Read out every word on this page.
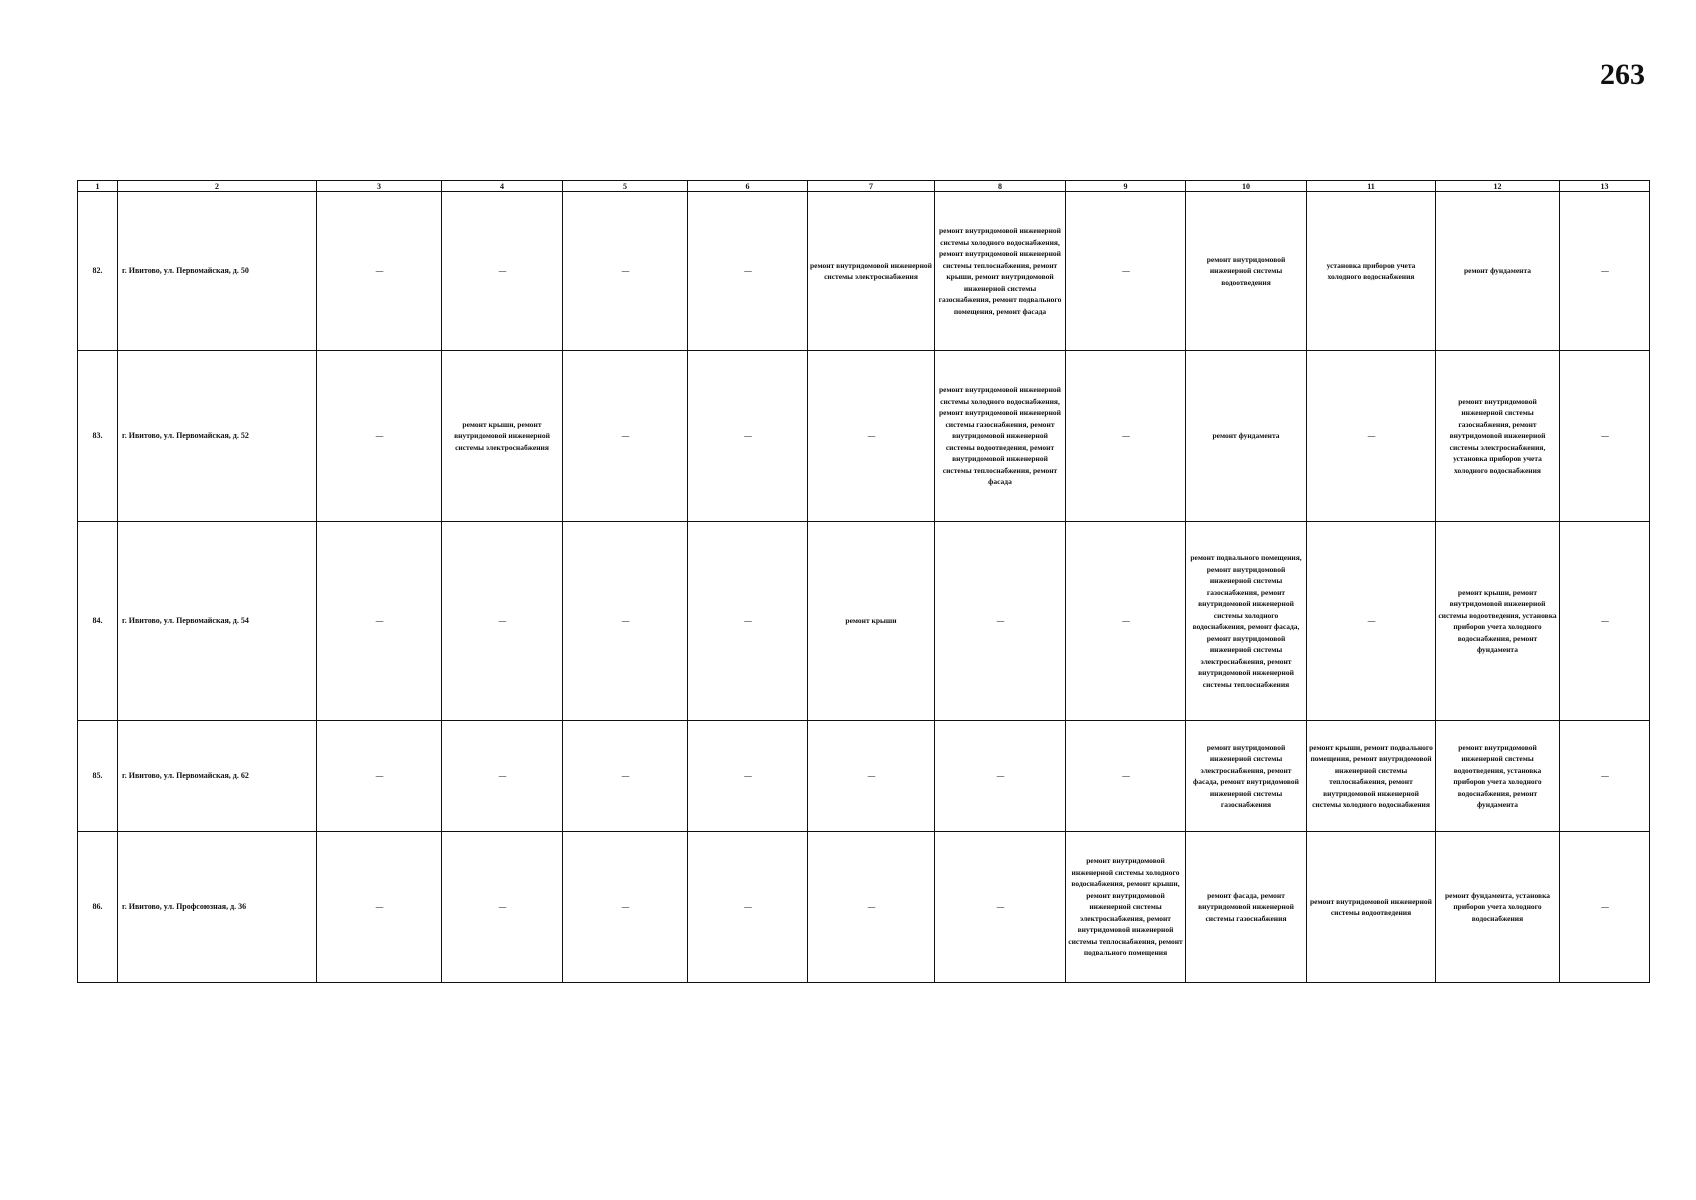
263
1	2	3	4	5	6	7	8	9	10	11	12	13
82.	г. Ивитово, ул. Первомайская, д. 50	—	—	—	—	ремонт внутридомовой инженерной системы электроснабжения	ремонт внутридомовой инженерной системы холодного водоснабжения, ремонт внутридомовой инженерной системы теплоснабжения, ремонт крыши, ремонт внутридомовой инженерной системы газоснабжения, ремонт подвального помещения, ремонт фасада	—	ремонт внутридомовой инженерной системы водоотведения	установка приборов учета холодного водоснабжения	ремонт фундамента	—
83.	г. Ивитово, ул. Первомайская, д. 52	—	ремонт крыши, ремонт внутридомовой инженерной системы электроснабжения	—	—	—	ремонт внутридомовой инженерной системы холодного водоснабжения, ремонт внутридомовой инженерной системы газоснабжения, ремонт внутридомовой инженерной системы водоотведения, ремонт внутридомовой инженерной системы теплоснабжения, ремонт фасада	—	ремонт фундамента	—	ремонт внутридомовой инженерной системы газоснабжения, ремонт внутридомовой инженерной системы электроснабжения, установка приборов учета холодного водоснабжения	—
84.	г. Ивитово, ул. Первомайская, д. 54	—	—	—	—	ремонт крыши	—	—	ремонт подвального помещения, ремонт внутридомовой инженерной системы газоснабжения, ремонт внутридомовой инженерной системы холодного водоснабжения, ремонт фасада, ремонт внутридомовой инженерной системы электроснабжения, ремонт внутридомовой инженерной системы теплоснабжения	—	ремонт крыши, ремонт внутридомовой инженерной системы водоотведения, установка приборов учета холодного водоснабжения, ремонт фундамента	—
85.	г. Ивитово, ул. Первомайская, д. 62	—	—	—	—	—	—	—	ремонт внутридомовой инженерной системы электроснабжения, ремонт фасада, ремонт внутридомовой инженерной системы газоснабжения	ремонт крыши, ремонт подвального помещения, ремонт внутридомовой инженерной системы теплоснабжения, ремонт внутридомовой инженерной системы холодного водоснабжения	ремонт внутридомовой инженерной системы водоотведения, установка приборов учета холодного водоснабжения, ремонт фундамента	—
86.	г. Ивитово, ул. Профсоюзная, д. 36	—	—	—	—	—	—	ремонт внутридомовой инженерной системы холодного водоснабжения, ремонт крыши, ремонт внутридомовой инженерной системы электроснабжения, ремонт внутридомовой инженерной системы теплоснабжения, ремонт подвального помещения	ремонт фасада, ремонт внутридомовой инженерной системы газоснабжения	ремонт внутридомовой инженерной системы водоотведения	ремонт фундамента, установка приборов учета холодного водоснабжения	—
